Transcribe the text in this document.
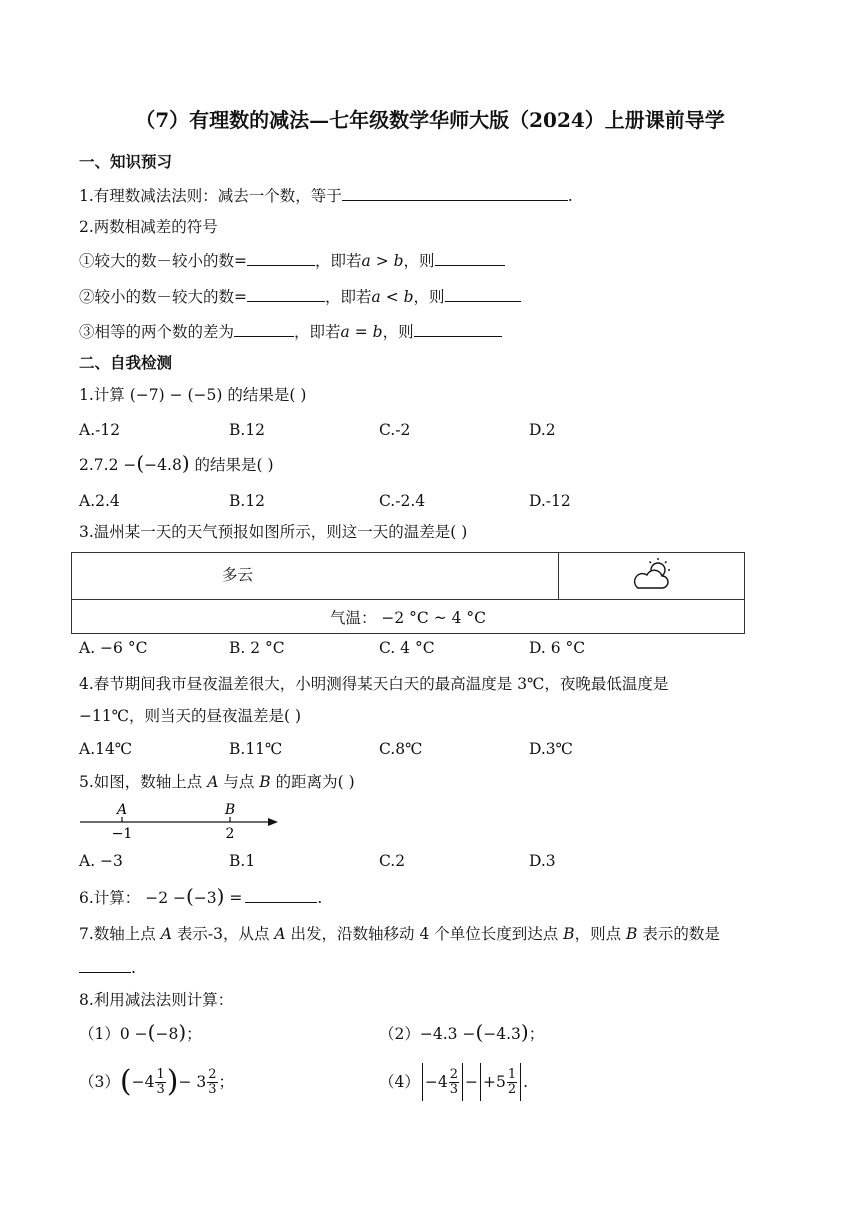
（7）有理数的减法—七年级数学华师大版（2024）上册课前导学
一、知识预习
1.有理数减法法则：减去一个数，等于	.
2.两数相减差的符号
①较大的数－较小的数=	，即若a > b，则
②较小的数－较大的数=	，即若a < b，则
③相等的两个数的差为	，即若a = b，则
二、自我检测
1.计算 (−7) − (−5) 的结果是( )
A.-12	B.12	C.-2	D.2
2.7.2 −(−4.8) 的结果是( )
A.2.4	B.12	C.-2.4	D.-12
3.温州某一天的天气预报如图所示，则这一天的温差是( )
多云	
气温： −2 °C ~ 4 °C
A. −6 °C	B. 2 °C	C. 4 °C	D. 6 °C
4.春节期间我市昼夜温差很大，小明测得某天白天的最高温度是 3℃，夜晚最低温度是
−11℃，则当天的昼夜温差是( )
A.14℃	B.11℃	C.8℃	D.3℃
5.如图，数轴上点 A 与点 B 的距离为( )
A
−1
B
2
A. −3	B.1	C.2	D.3
6.计算： −2 −(−3) =	.
7.数轴上点 A 表示-3，从点 A 出发，沿数轴移动 4 个单位长度到达点 B，则点 B 表示的数是
.
8.利用减法法则计算：
（1）0 −(−8)；	（2）−4.3 −(−4.3)；
（3） ( $-4 \frac{1}{3}$ ) − $3 \frac{2}{3}$ ；	$(4) -4 \frac{2}{3} - +5 \frac{1}{2}$ .
